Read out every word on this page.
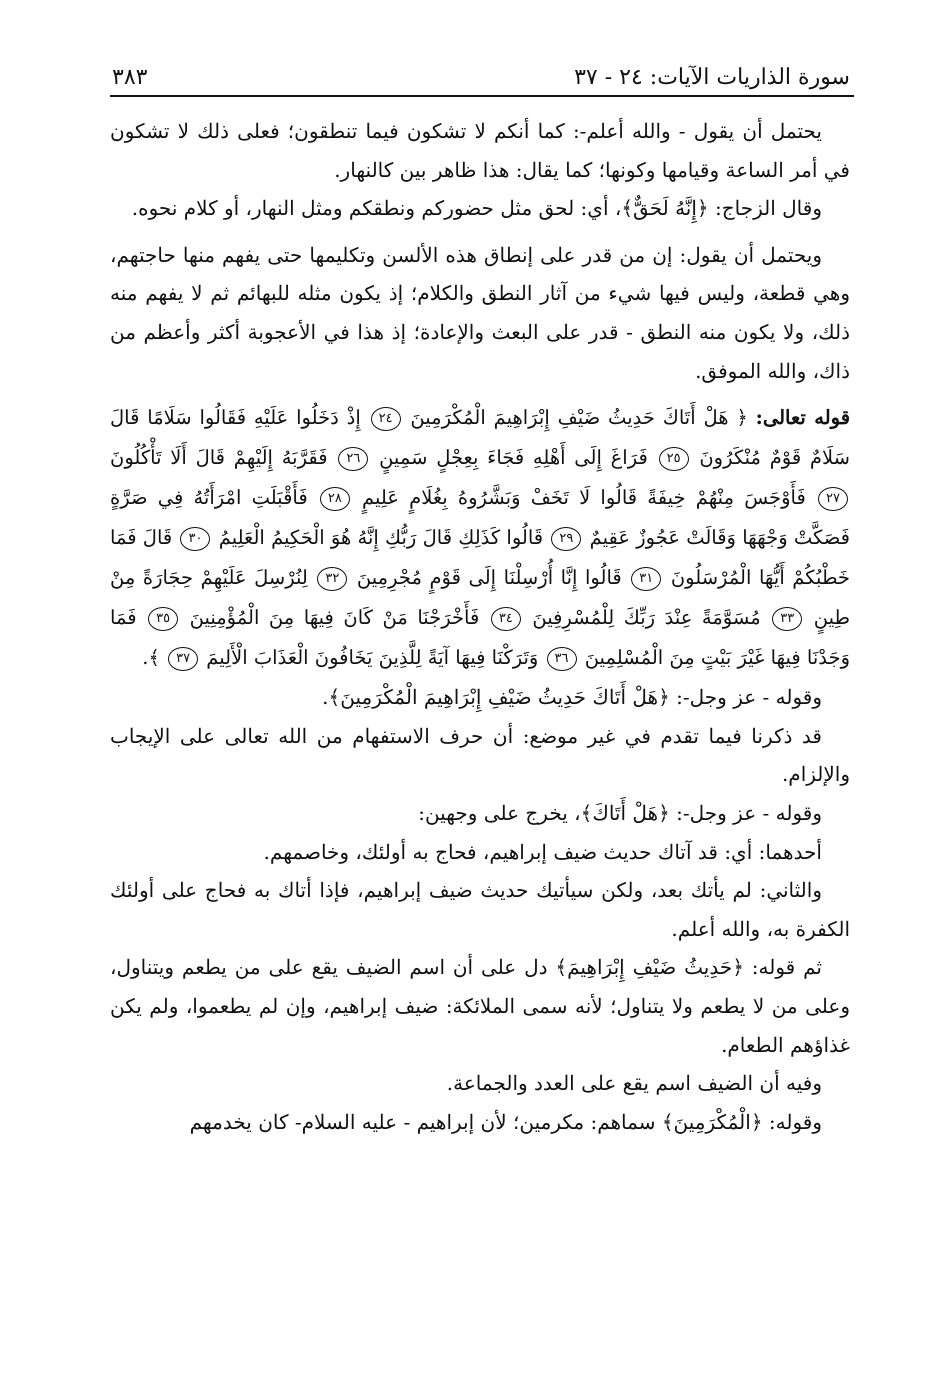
سورة الذاريات الآيات: ٢٤ - ٣٧
٣٨٣

يحتمل أن يقول - والله أعلم-: كما أنكم لا تشكون فيما تنطقون؛ فعلى ذلك لا تشكون في أمر الساعة وقيامها وكونها؛ كما يقال: هذا ظاهر بين كالنهار.

وقال الزجاج: ﴿إِنَّهُ لَحَقٌّ﴾، أي: لحق مثل حضوركم ونطقكم ومثل النهار، أو كلام نحوه.

ويحتمل أن يقول: إن من قدر على إنطاق هذه الألسن وتكليمها حتى يفهم منها حاجتهم، وهي قطعة، وليس فيها شيء من آثار النطق والكلام؛ إذ يكون مثله للبهائم ثم لا يفهم منه ذلك، ولا يكون منه النطق - قدر على البعث والإعادة؛ إذ هذا في الأعجوبة أكثر وأعظم من ذاك، والله الموفق.

قوله تعالى: ﴿ هَلْ أَتَاكَ حَدِيثُ ضَيْفِ إِبْرَاهِيمَ الْمُكْرَمِينَ ٢٤ إِذْ دَخَلُوا عَلَيْهِ فَقَالُوا سَلَامًا قَالَ سَلَامٌ قَوْمٌ مُنْكَرُونَ ٢٥ فَرَاغَ إِلَى أَهْلِهِ فَجَاءَ بِعِجْلٍ سَمِينٍ ٢٦ فَقَرَّبَهُ إِلَيْهِمْ قَالَ أَلَا تَأْكُلُونَ ٢٧ فَأَوْجَسَ مِنْهُمْ خِيفَةً قَالُوا لَا تَخَفْ وَبَشَّرُوهُ بِغُلَامٍ عَلِيمٍ ٢٨ فَأَقْبَلَتِ امْرَأَتُهُ فِي صَرَّةٍ فَصَكَّتْ وَجْهَهَا وَقَالَتْ عَجُوزٌ عَقِيمٌ ٢٩ قَالُوا كَذَلِكِ قَالَ رَبُّكِ إِنَّهُ هُوَ الْحَكِيمُ الْعَلِيمُ ٣٠ قَالَ فَمَا خَطْبُكُمْ أَيُّهَا الْمُرْسَلُونَ ٣١ قَالُوا إِنَّا أُرْسِلْنَا إِلَى قَوْمٍ مُجْرِمِينَ ٣٢ لِنُرْسِلَ عَلَيْهِمْ حِجَارَةً مِنْ طِينٍ ٣٣ مُسَوَّمَةً عِنْدَ رَبِّكَ لِلْمُسْرِفِينَ ٣٤ فَأَخْرَجْنَا مَنْ كَانَ فِيهَا مِنَ الْمُؤْمِنِينَ ٣٥ فَمَا وَجَدْنَا فِيهَا غَيْرَ بَيْتٍ مِنَ الْمُسْلِمِينَ ٣٦ وَتَرَكْنَا فِيهَا آيَةً لِلَّذِينَ يَخَافُونَ الْعَذَابَ الْأَلِيمَ ٣٧ ﴾.

وقوله - عز وجل-: ﴿هَلْ أَتَاكَ حَدِيثُ ضَيْفِ إِبْرَاهِيمَ الْمُكْرَمِينَ﴾.

قد ذكرنا فيما تقدم في غير موضع: أن حرف الاستفهام من الله تعالى على الإيجاب والإلزام.

وقوله - عز وجل-: ﴿هَلْ أَتَاكَ﴾، يخرج على وجهين:

أحدهما: أي: قد آتاك حديث ضيف إبراهيم، فحاج به أولئك، وخاصمهم.

والثاني: لم يأتك بعد، ولكن سيأتيك حديث ضيف إبراهيم، فإذا أتاك به فحاج على أولئك الكفرة به، والله أعلم.

ثم قوله: ﴿حَدِيثُ ضَيْفِ إِبْرَاهِيمَ﴾ دل على أن اسم الضيف يقع على من يطعم ويتناول، وعلى من لا يطعم ولا يتناول؛ لأنه سمى الملائكة: ضيف إبراهيم، وإن لم يطعموا، ولم يكن غذاؤهم الطعام.

وفيه أن الضيف اسم يقع على العدد والجماعة.

وقوله: ﴿الْمُكْرَمِينَ﴾ سماهم: مكرمين؛ لأن إبراهيم - عليه السلام- كان يخدمهم
